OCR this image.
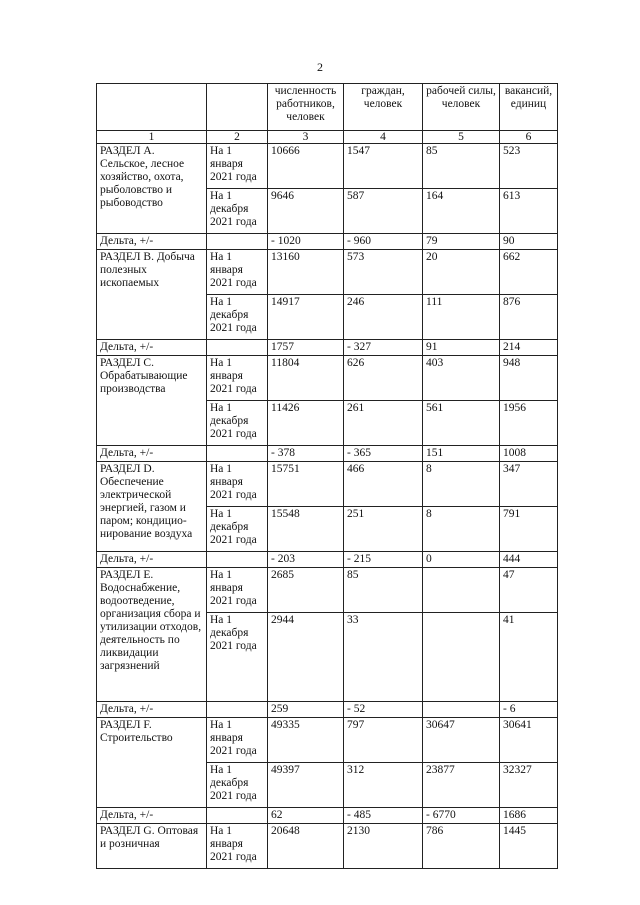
2
		численность работников, человек	граждан, человек	рабочей силы, человек	вакансий, единиц
1	2	3	4	5	6
РАЗДЕЛ А. Сельское, лесное хозяйство, охота, рыболовство и рыбоводство	На 1 января 2021 года	10666	1547	85	523
	На 1 декабря 2021 года	9646	587	164	613
Дельта, +/-		- 1020	- 960	79	90
РАЗДЕЛ В. Добыча полезных ископаемых	На 1 января 2021 года	13160	573	20	662
	На 1 декабря 2021 года	14917	246	111	876
Дельта, +/-		1757	- 327	91	214
РАЗДЕЛ С. Обрабатывающие производства	На 1 января 2021 года	11804	626	403	948
	На 1 декабря 2021 года	11426	261	561	1956
Дельта, +/-		- 378	- 365	151	1008
РАЗДЕЛ D. Обеспечение электрической энергией, газом и паром; кондицио-нирование воздуха	На 1 января 2021 года	15751	466	8	347
	На 1 декабря 2021 года	15548	251	8	791
Дельта, +/-		- 203	- 215	0	444
РАЗДЕЛ Е. Водоснабжение, водоотведение, организация сбора и утилизации отходов, деятельность по ликвидации загрязнений	На 1 января 2021 года	2685	85		47
	На 1 декабря 2021 года	2944	33		41
Дельта, +/-		259	- 52		- 6
РАЗДЕЛ F. Строительство	На 1 января 2021 года	49335	797	30647	30641
	На 1 декабря 2021 года	49397	312	23877	32327
Дельта, +/-		62	- 485	- 6770	1686
РАЗДЕЛ G. Оптовая и розничная	На 1 января 2021 года	20648	2130	786	1445
